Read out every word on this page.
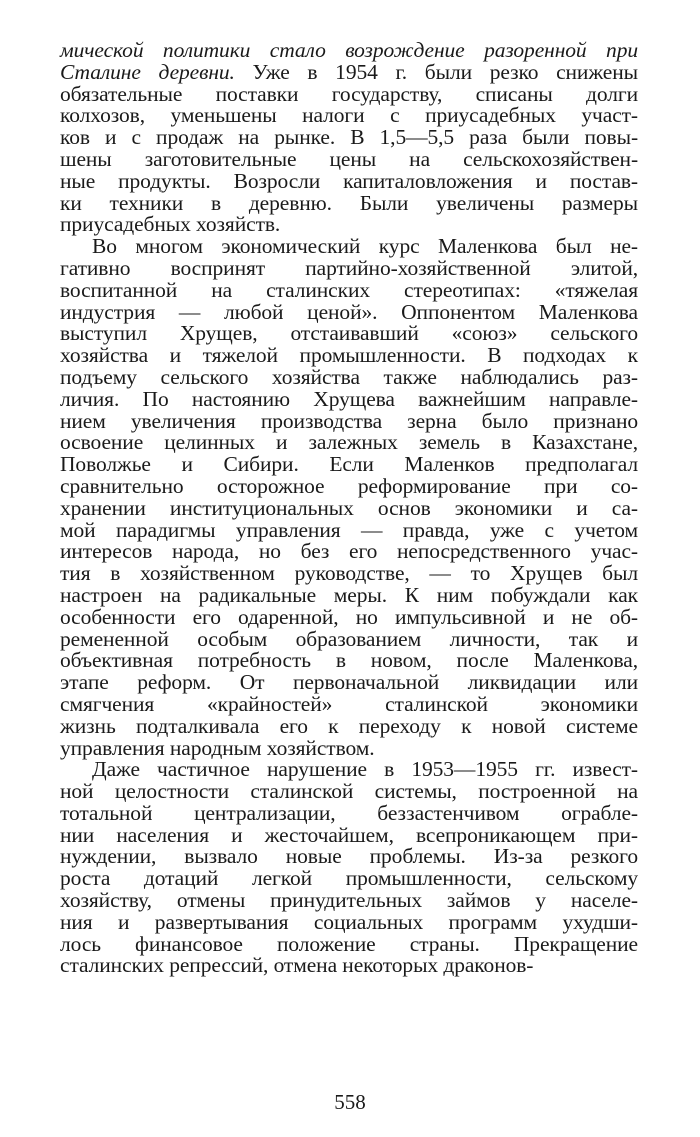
мической политики стало возрождение разоренной при
Сталине деревни. Уже в 1954 г. были резко снижены
обязательные поставки государству, списаны долги
колхозов, уменьшены налоги с приусадебных участ-
ков и с продаж на рынке. В 1,5—5,5 раза были повы-
шены заготовительные цены на сельскохозяйствен-
ные продукты. Возросли капиталовложения и постав-
ки техники в деревню. Были увеличены размеры
приусадебных хозяйств.
Во многом экономический курс Маленкова был не-
гативно воспринят партийно-хозяйственной элитой,
воспитанной на сталинских стереотипах: «тяжелая
индустрия — любой ценой». Оппонентом Маленкова
выступил Хрущев, отстаивавший «союз» сельского
хозяйства и тяжелой промышленности. В подходах к
подъему сельского хозяйства также наблюдались раз-
личия. По настоянию Хрущева важнейшим направле-
нием увеличения производства зерна было признано
освоение целинных и залежных земель в Казахстане,
Поволжье и Сибири. Если Маленков предполагал
сравнительно осторожное реформирование при со-
хранении институциональных основ экономики и са-
мой парадигмы управления — правда, уже с учетом
интересов народа, но без его непосредственного учас-
тия в хозяйственном руководстве, — то Хрущев был
настроен на радикальные меры. К ним побуждали как
особенности его одаренной, но импульсивной и не об-
ремененной особым образованием личности, так и
объективная потребность в новом, после Маленкова,
этапе реформ. От первоначальной ликвидации или
смягчения «крайностей» сталинской экономики
жизнь подталкивала его к переходу к новой системе
управления народным хозяйством.
Даже частичное нарушение в 1953—1955 гг. извест-
ной целостности сталинской системы, построенной на
тотальной централизации, беззастенчивом ограбле-
нии населения и жесточайшем, всепроникающем при-
нуждении, вызвало новые проблемы. Из-за резкого
роста дотаций легкой промышленности, сельскому
хозяйству, отмены принудительных займов у населе-
ния и развертывания социальных программ ухудши-
лось финансовое положение страны. Прекращение
сталинских репрессий, отмена некоторых драконов-
558
